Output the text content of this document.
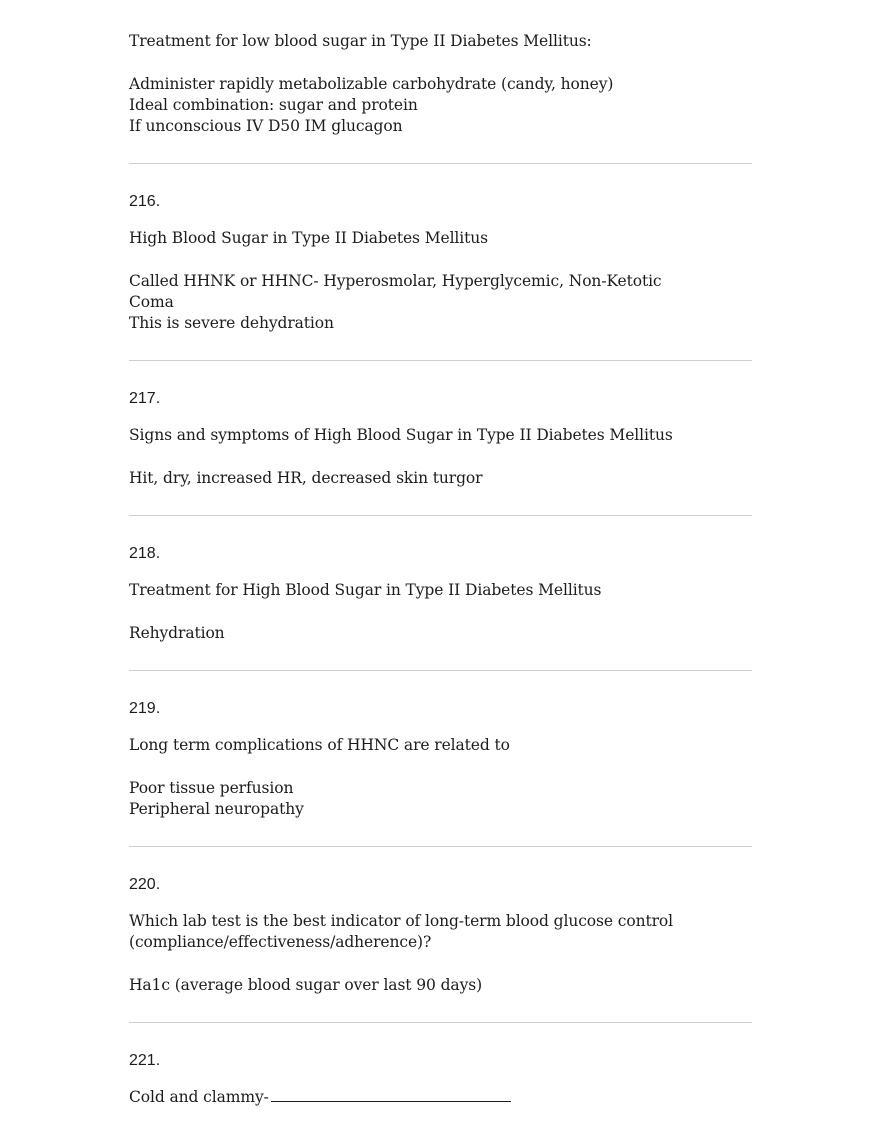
Treatment for low blood sugar in Type II Diabetes Mellitus:
Administer rapidly metabolizable carbohydrate (candy, honey)
Ideal combination: sugar and protein
If unconscious IV D50 IM glucagon
216.
High Blood Sugar in Type II Diabetes Mellitus
Called HHNK or HHNC- Hyperosmolar, Hyperglycemic, Non-Ketotic
Coma
This is severe dehydration
217.
Signs and symptoms of High Blood Sugar in Type II Diabetes Mellitus
Hit, dry, increased HR, decreased skin turgor
218.
Treatment for High Blood Sugar in Type II Diabetes Mellitus
Rehydration
219.
Long term complications of HHNC are related to
Poor tissue perfusion
Peripheral neuropathy
220.
Which lab test is the best indicator of long-term blood glucose control
(compliance/effectiveness/adherence)?
Ha1c (average blood sugar over last 90 days)
221.
Cold and clammy-
